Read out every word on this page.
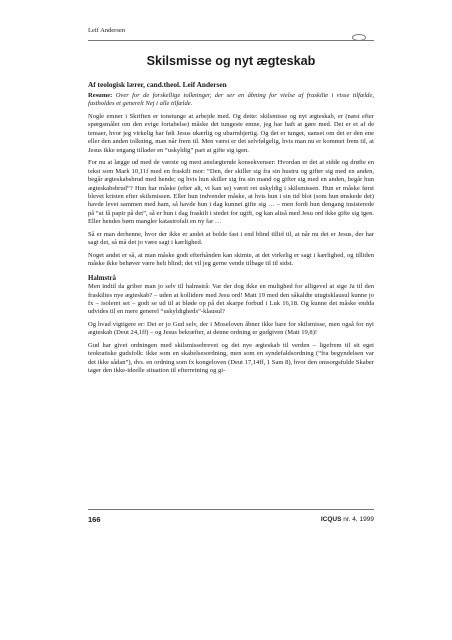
Leif Andersen
Skilsmisse og nyt ægteskab
Af teologisk lærer, cand.theol. Leif Andersen

Resume: Over for de forskellige tolkninger, der ser en åbning for vielse af fraskilte i visse tilfælde, fastholdes et generelt Nej i alle tilfælde.

Nogle emner i Skriften er tonstunge at arbejde med. Og dette: skilsmisse og nyt ægteskab, er (næst efter spørgsmålet om den evige fortabelse) måske det tungeste emne, jeg har haft at gøre med. Det er et af de temaer, hvor jeg virkelig har følt Jesus ukærlig og ubarmhjertig. Og det er tunget, uanset om det er den ene eller den anden tolkning, man når frem til. Men værst er det selvfølgelig, hvis man nu er kommet frem til, at Jesus ikke engang tillader en “uskyldig” part at gifte sig igen.

For nu at lægge ud med de værste og mest ansfægtende konsekvenser: Hvordan er det at sidde og drøfte en tekst som Mark 10,11f med en fraskilt mor: “Den, der skiller sig fra sin hustru og gifter sig med en anden, begår ægteskabsbrud med hende; og hvis hun skiller sig fra sin mand og gifter sig med en anden, begår hun ægteskabsbrud”? Hun har måske (efter alt, vi kan se) været ret uskyldig i skilsmissen. Hun er måske først blevet kristen efter skilsmissen. Eller hun indvender måske, at hvis hun i sin tid blot (som hun ønskede det) havde levet sammen med ham, så havde hun i dag kunnet gifte sig … – men fordi hun dengang insisterede på “at få papir på det”, så er hun i dag fraskilt i stedet for ugift, og kan altså med Jesu ord ikke gifte sig igen. Eller hendes børn mangler katastrofalt en ny far …

Så er man derhenne, hvor der ikke er andet at bolde fast i end blind tillid til, at når nu det er Jesus, der har sagt det, så må det jo være sagt i kærlighed.

Noget andet er så, at man måske godt efterhånden kan skimte, at det virkelig er sagt i kærlighed, og tilliden måske ikke behøver være helt blind; det vil jeg gerne vende tilbage til til sidst.

Halmstrå

Men indtil da griber man jo selv til halmstrå: Var der dog ikke en mulighed for alligevel at sige Ja til den fraskiltes nye ægteskab? – uden at kollidere med Jesu ord! Matt 19 med den såkaldte utugtsklausul kunne jo fx – isoleret set – godt se ud til at bløde op på det skarpe forbud i Luk 16,18. Og kunne det måske endda udvides til en mere generel “uskyldigheds”-klausul?

Og hvad vigtigere er: Det er jo Gud selv, der i Moseloven åbner ikke bare for skilsmisse, men også for nyt ægteskab (Deut 24,1ff) – og Jesus bekræfter, at denne ordning er gudgiven (Matt 19,8)!

Gud har givet ordningen med skilsmissebrevet og det nye ægteskab til verden – ligefrem til sit eget teokratiske gudsfolk: ikke som en skabelsesordning, men som en syndefaldsordning (“fra begyndelsen var det ikke sådan”), dvs. en ordning som fx kongeloven (Deut 17,14ff, 1 Sam 8), hvor den omsorgsfulde Skaber tager den ikke-ideelle situation til efterretning og gi-

166	ICQUS nr. 4, 1999
